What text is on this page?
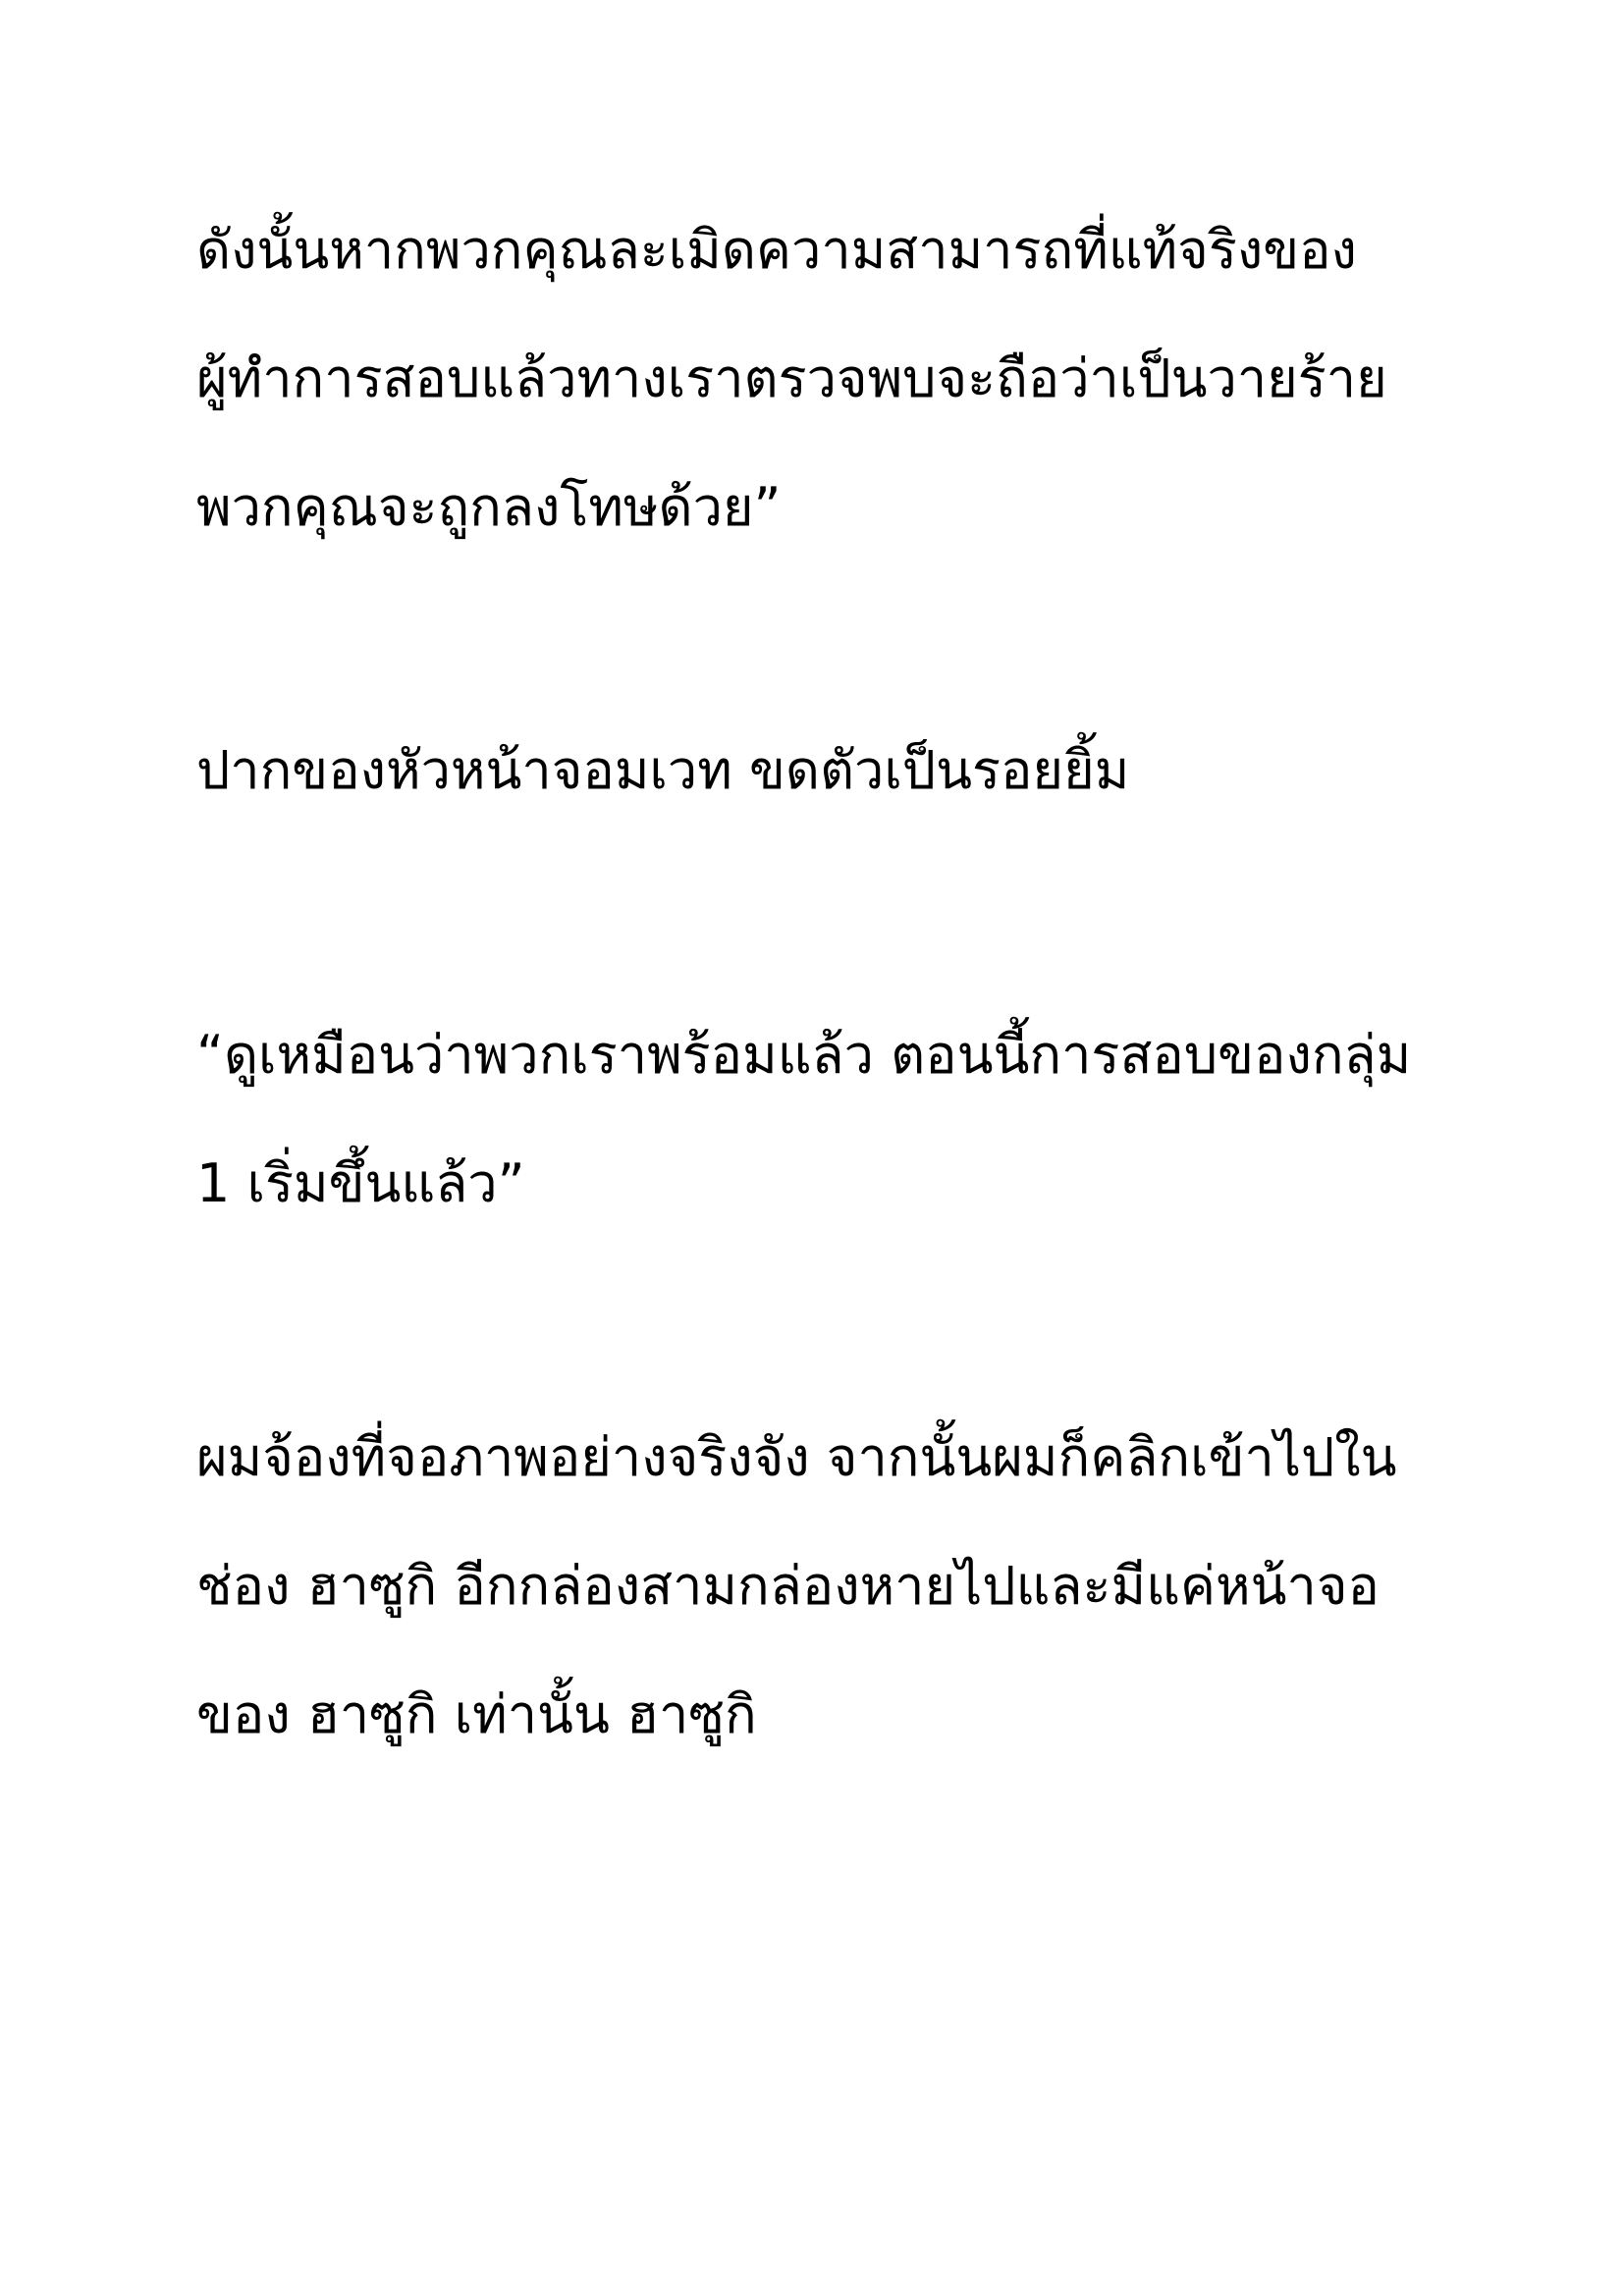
ดังนั้นหากพวกคุณละเมิดความสามารถที่แท้จริงของ
ผู้ทำการสอบแล้วทางเราตรวจพบจะถือว่าเป็นวายร้าย
พวกคุณจะถูกลงโทษด้วย”
ปากของหัวหน้าจอมเวท ขดตัวเป็นรอยยิ้ม
“ดูเหมือนว่าพวกเราพร้อมแล้ว ตอนนี้การสอบของกลุ่ม
1 เริ่มขึ้นแล้ว”
ผมจ้องที่จอภาพอย่างจริงจัง จากนั้นผมก็คลิกเข้าไปใน
ช่อง ฮาซูกิ อีกกล่องสามกล่องหายไปและมีแค่หน้าจอ
ของ ฮาซูกิ เท่านั้น ฮาซูกิ
